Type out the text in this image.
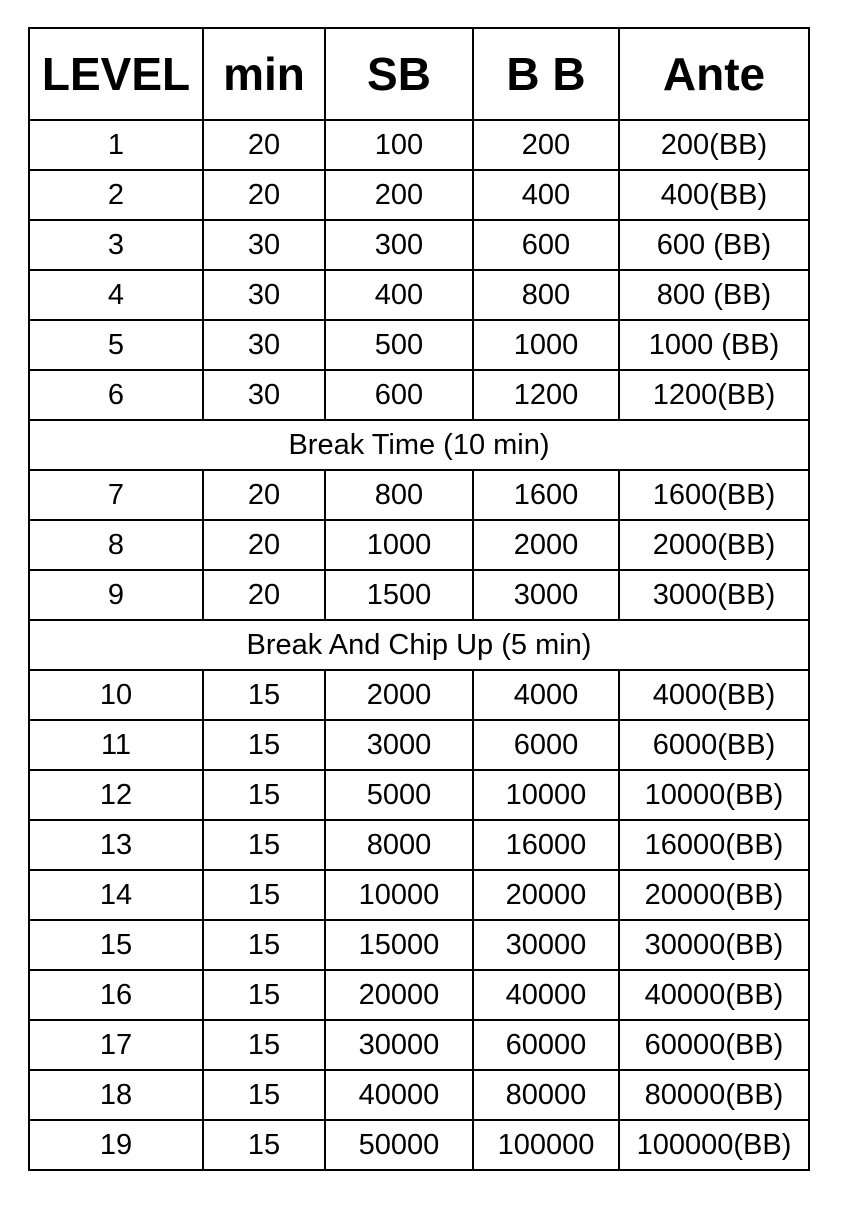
LEVEL	min	SB	B B	Ante
1	20	100	200	200(BB)
2	20	200	400	400(BB)
3	30	300	600	600 (BB)
4	30	400	800	800 (BB)
5	30	500	1000	1000 (BB)
6	30	600	1200	1200(BB)
Break Time (10 min)				
7	20	800	1600	1600(BB)
8	20	1000	2000	2000(BB)
9	20	1500	3000	3000(BB)
Break And Chip Up (5 min)				
10	15	2000	4000	4000(BB)
11	15	3000	6000	6000(BB)
12	15	5000	10000	10000(BB)
13	15	8000	16000	16000(BB)
14	15	10000	20000	20000(BB)
15	15	15000	30000	30000(BB)
16	15	20000	40000	40000(BB)
17	15	30000	60000	60000(BB)
18	15	40000	80000	80000(BB)
19	15	50000	100000	100000(BB)
